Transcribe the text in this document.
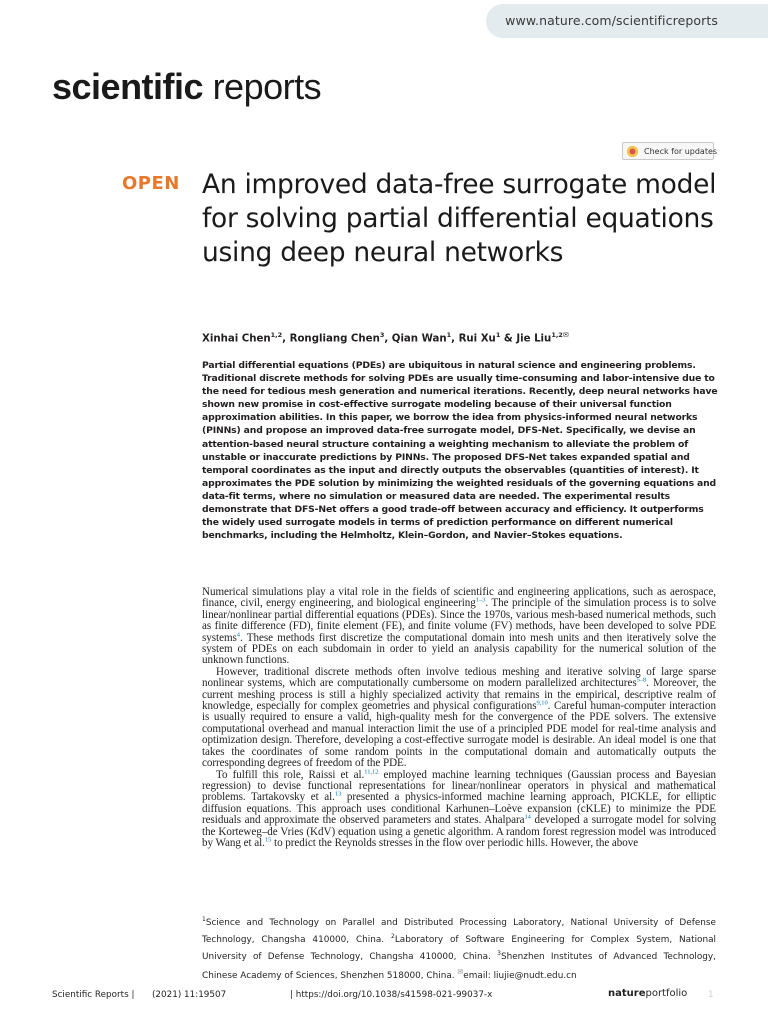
www.nature.com/scientificreports
scientific reports
Check for updates
OPEN An improved data-free surrogate model for solving partial differential equations using deep neural networks
Xinhai Chen$^{1,2}$, Rongliang Chen$^3$, Qian Wan$^1$, Rui Xu$^1$ & Jie Liu$^{1,2✉}$

Partial differential equations (PDEs) are ubiquitous in natural science and engineering problems. Traditional discrete methods for solving PDEs are usually time-consuming and labor-intensive due to the need for tedious mesh generation and numerical iterations. Recently, deep neural networks have shown new promise in cost-effective surrogate modeling because of their universal function approximation abilities. In this paper, we borrow the idea from physics-informed neural networks (PINNs) and propose an improved data-free surrogate model, DFS-Net. Specifically, we devise an attention-based neural structure containing a weighting mechanism to alleviate the problem of unstable or inaccurate predictions by PINNs. The proposed DFS-Net takes expanded spatial and temporal coordinates as the input and directly outputs the observables (quantities of interest). It approximates the PDE solution by minimizing the weighted residuals of the governing equations and data-fit terms, where no simulation or measured data are needed. The experimental results demonstrate that DFS-Net offers a good trade-off between accuracy and efficiency. It outperforms the widely used surrogate models in terms of prediction performance on different numerical benchmarks, including the Helmholtz, Klein–Gordon, and Navier–Stokes equations.

Numerical simulations play a vital role in the fields of scientific and engineering applications, such as aerospace, finance, civil, energy engineering, and biological engineering$^{1-3}$. The principle of the simulation process is to solve linear/nonlinear partial differential equations (PDEs). Since the 1970s, various mesh-based numerical methods, such as finite difference (FD), finite element (FE), and finite volume (FV) methods, have been developed to solve PDE systems$^4$. These methods first discretize the computational domain into mesh units and then iteratively solve the system of PDEs on each subdomain in order to yield an analysis capability for the numerical solution of the unknown functions.

However, traditional discrete methods often involve tedious meshing and iterative solving of large sparse nonlinear systems, which are computationally cumbersome on modern parallelized architectures$^{5-8}$. Moreover, the current meshing process is still a highly specialized activity that remains in the empirical, descriptive realm of knowledge, especially for complex geometries and physical configurations$^{9,10}$. Careful human-computer interaction is usually required to ensure a valid, high-quality mesh for the convergence of the PDE solvers. The extensive computational overhead and manual interaction limit the use of a principled PDE model for real-time analysis and optimization design. Therefore, developing a cost-effective surrogate model is desirable. An ideal model is one that takes the coordinates of some random points in the computational domain and automatically outputs the corresponding degrees of freedom of the PDE.

To fulfill this role, Raissi et al.$^{11,12}$ employed machine learning techniques (Gaussian process and Bayesian regression) to devise functional representations for linear/nonlinear operators in physical and mathematical problems. Tartakovsky et al.$^{13}$ presented a physics-informed machine learning approach, PICKLE, for elliptic diffusion equations. This approach uses conditional Karhunen–Loève expansion (cKLE) to minimize the PDE residuals and approximate the observed parameters and states. Ahalpara$^{14}$ developed a surrogate model for solving the Korteweg–de Vries (KdV) equation using a genetic algorithm. A random forest regression model was introduced by Wang et al.$^{15}$ to predict the Reynolds stresses in the flow over periodic hills. However, the above

$^1$Science and Technology on Parallel and Distributed Processing Laboratory, National University of Defense Technology, Changsha 410000, China. $^2$Laboratory of Software Engineering for Complex System, National University of Defense Technology, Changsha 410000, China. $^3$Shenzhen Institutes of Advanced Technology, Chinese Academy of Sciences, Shenzhen 518000, China. ✉email: liujie@nudt.edu.cn

Scientific Reports | (2021) 11:19507	| https://doi.org/10.1038/s41598-021-99037-x	natureportfolio 1
